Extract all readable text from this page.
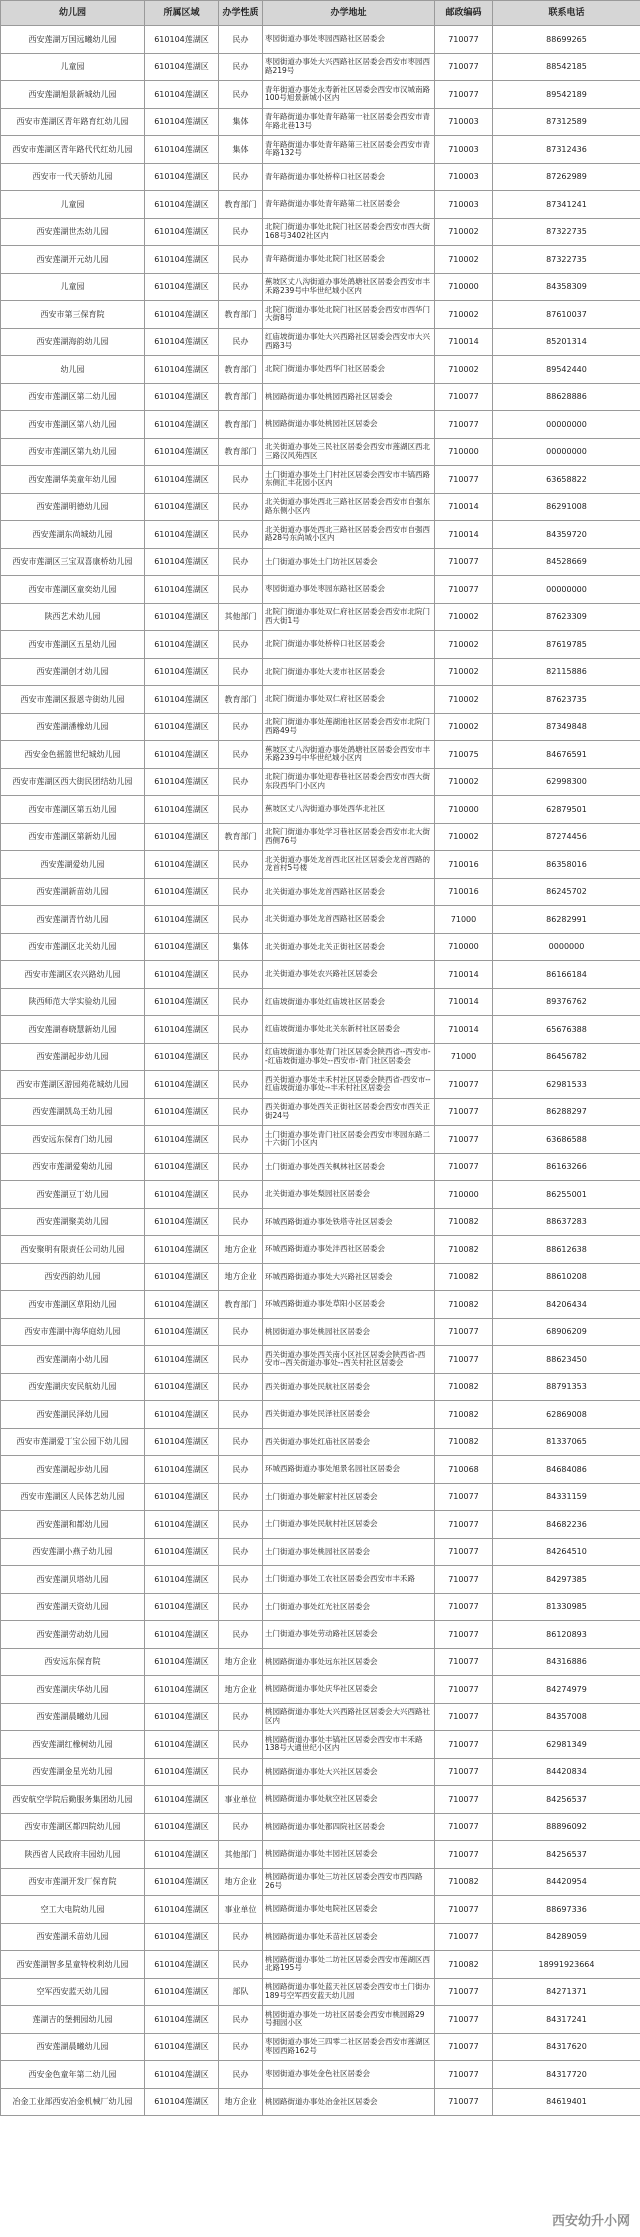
幼儿园	所属区域	办学性质	办学地址	邮政编码	联系电话
西安莲湖万国远曦幼儿园	610104莲湖区	民办	枣园街道办事处枣园西路社区居委会	710077	88699265
儿童园	610104莲湖区	民办	枣园街道办事处大兴西路社区居委会西安市枣园西路219号	710077	88542185
西安莲湖旭景新城幼儿园	610104莲湖区	民办	青年街道办事处永寿新社区居委会西安市汉城南路100号旭景新城小区内	710077	89542189
西安市莲湖区青年路育红幼儿园	610104莲湖区	集体	青年路街道办事处青年路第一社区居委会西安市青年路北巷13号	710003	87312589
西安市莲湖区青年路代代红幼儿园	610104莲湖区	集体	青年路街道办事处青年路第三社区居委会西安市青年路132号	710003	87312436
西安市一代天骄幼儿园	610104莲湖区	民办	青年路街道办事处桥梓口社区居委会	710003	87262989
儿童园	610104莲湖区	教育部门	青年路街道办事处青年路第二社区居委会	710003	87341241
西安莲湖世杰幼儿园	610104莲湖区	民办	北院门街道办事处北院门社区居委会西安市西大街168号3402社区内	710002	87322735
西安莲湖开元幼儿园	610104莲湖区	民办	青年路街道办事处北院门社区居委会	710002	87322735
儿童园	610104莲湖区	民办	蕉坡区丈八沟街道办事处鸽塘社区居委会西安市丰禾路239号中华世纪城小区内	710000	84358309
西安市第三保育院	610104莲湖区	教育部门	北院门街道办事处北院门社区居委会西安市西华门大街8号	710002	87610037
西安莲湖海韵幼儿园	610104莲湖区	民办	红庙坡街道办事处大兴西路社区居委会西安市大兴西路3号	710014	85201314
幼儿园	610104莲湖区	教育部门	北院门街道办事处西华门社区居委会	710002	89542440
西安市莲湖区第二幼儿园	610104莲湖区	教育部门	桃园路街道办事处桃园西路社区居委会	710077	88628886
西安市莲湖区第八幼儿园	610104莲湖区	教育部门	桃园路街道办事处桃园社区居委会	710077	00000000
西安市莲湖区第九幼儿园	610104莲湖区	教育部门	北关街道办事处三民社区居委会西安市莲湖区西北三路汉风苑西区	710000	00000000
西安莲湖华美童年幼儿园	610104莲湖区	民办	土门街道办事处土门村社区居委会西安市丰镐西路东侧汇丰花园小区内	710077	63658822
西安莲湖明德幼儿园	610104莲湖区	民办	北关街道办事处西北三路社区居委会西安市自强东路东侧小区内	710014	86291008
西安莲湖东尚城幼儿园	610104莲湖区	民办	北关街道办事处西北三路社区居委会西安市自强西路28号东尚城小区内	710014	84359720
西安市莲湖区三宝双喜康桥幼儿园	610104莲湖区	民办	土门街道办事处土门坊社区居委会	710077	84528669
西安市莲湖区童奕幼儿园	610104莲湖区	民办	枣园街道办事处枣园东路社区居委会	710077	00000000
陕西艺术幼儿园	610104莲湖区	其他部门	北院门街道办事处双仁府社区居委会西安市北院门西大街1号	710002	87623309
西安市莲湖区五星幼儿园	610104莲湖区	民办	北院门街道办事处桥梓口社区居委会	710002	87619785
西安莲湖创才幼儿园	610104莲湖区	民办	北院门街道办事处大麦市社区居委会	710002	82115886
西安市莲湖区报恩寺街幼儿园	610104莲湖区	教育部门	北院门街道办事处双仁府社区居委会	710002	87623735
西安莲湖潘橡幼儿园	610104莲湖区	民办	北院门街道办事处莲湖池社区居委会西安市北院门西路49号	710002	87349848
西安金色摇篮世纪城幼儿园	610104莲湖区	民办	蕉坡区丈八沟街道办事处鸽塘社区居委会西安市丰禾路239号中华世纪城小区内	710075	84676591
西安市莲湖区西大街民团结幼儿园	610104莲湖区	民办	北院门街道办事处迎春巷社区居委会西安市西大街东段西华门小区内	710002	62998300
西安市莲湖区第五幼儿园	610104莲湖区	民办	蕉坡区丈八沟街道办事处西华北社区	710000	62879501
西安市莲湖区第新幼儿园	610104莲湖区	教育部门	北院门街道办事处学习巷社区居委会西安市北大街西侧76号	710002	87274456
西安莲湖爱幼儿园	610104莲湖区	民办	北关街道办事处龙首西北区社区居委会龙首西路的龙首村5号楼	710016	86358016
西安莲湖新苗幼儿园	610104莲湖区	民办	北关街道办事处龙首西路社区居委会	710016	86245702
西安莲湖青竹幼儿园	610104莲湖区	民办	北关街道办事处龙首西路社区居委会	71000	86282991
西安市莲湖区北关幼儿园	610104莲湖区	集体	北关街道办事处北关正街社区居委会	710000	0000000
西安市莲湖区农兴路幼儿园	610104莲湖区	民办	北关街道办事处农兴路社区居委会	710014	86166184
陕西师范大学实验幼儿园	610104莲湖区	民办	红庙坡街道办事处红庙坡社区居委会	710014	89376762
西安莲湖春晓慧新幼儿园	610104莲湖区	民办	红庙坡街道办事处北关东新村社区居委会	710014	65676388
西安莲湖起步幼儿园	610104莲湖区	民办	红庙坡街道办事处青门社区居委会陕西省--西安市--红庙坡街道办事处--西安市-青门社区居委会	71000	86456782
西安市莲湖区游园苑花城幼儿园	610104莲湖区	民办	西关街道办事处丰禾村社区居委会陕西省-西安市--红庙坡街道办事处--丰禾村社区居委会	710077	62981533
西安莲湖凯岛王幼儿园	610104莲湖区	民办	西关街道办事处西关正街社区居委会西安市西关正街24号	710077	86288297
西安远东保育门幼儿园	610104莲湖区	民办	土门街道办事处青门社区居委会西安市枣园东路二十六街门小区内	710077	63686588
西安市莲湖爱菊幼儿园	610104莲湖区	民办	土门街道办事处西关枫林社区居委会	710077	86163266
西安莲湖豆丁幼儿园	610104莲湖区	民办	北关街道办事处梨园社区居委会	710000	86255001
西安莲湖聚美幼儿园	610104莲湖区	民办	环城西路街道办事处铁塔寺社区居委会	710082	88637283
西安聚明有限责任公司幼儿园	610104莲湖区	地方企业	环城西路街道办事处沣西社区居委会	710082	88612638
西安西韵幼儿园	610104莲湖区	地方企业	环城西路街道办事处大兴路社区居委会	710082	88610208
西安市莲湖区草阳幼儿园	610104莲湖区	教育部门	环城西路街道办事处草阳小区居委会	710082	84206434
西安市莲湖中海华庭幼儿园	610104莲湖区	民办	桃园街道办事处桃园社区居委会	710077	68906209
西安莲湖南小幼儿园	610104莲湖区	民办	西关街道办事处西关南小区社区居委会陕西省-西安市--西关街道办事处--西关村社区居委会	710077	88623450
西安莲湖庆安民航幼儿园	610104莲湖区	民办	西关街道办事处民航社区居委会	710082	88791353
西安莲湖民泽幼儿园	610104莲湖区	民办	西关街道办事处民泽社区居委会	710082	62869008
西安市莲湖爱丁宝公园下幼儿园	610104莲湖区	民办	西关街道办事处红庙社区居委会	710082	81337065
西安莲湖起步幼儿园	610104莲湖区	民办	环城西路街道办事处旭景名园社区居委会	710068	84684086
西安市莲湖区人民体艺幼儿园	610104莲湖区	民办	土门街道办事处解家村社区居委会	710077	84331159
西安莲湖和都幼儿园	610104莲湖区	民办	土门街道办事处民航村社区居委会	710077	84682236
西安莲湖小燕子幼儿园	610104莲湖区	民办	土门街道办事处桃园社区居委会	710077	84264510
西安莲湖贝塔幼儿园	610104莲湖区	民办	土门街道办事处工农社区居委会西安市丰禾路	710077	84297385
西安莲湖天资幼儿园	610104莲湖区	民办	土门街道办事处红光社区居委会	710077	81330985
西安莲湖劳动幼儿园	610104莲湖区	民办	土门街道办事处劳动路社区居委会	710077	86120893
西安远东保育院	610104莲湖区	地方企业	桃园路街道办事处远东社区居委会	710077	84316886
西安莲湖庆华幼儿园	610104莲湖区	地方企业	桃园路街道办事处庆华社区居委会	710077	84274979
西安莲湖晨曦幼儿园	610104莲湖区	民办	桃园路街道办事处大兴西路社区居委会大兴西路社区内	710077	84357008
西安莲湖红橡树幼儿园	610104莲湖区	民办	桃园路街道办事处丰镐社区居委会西安市丰禾路138号大通世纪小区内	710077	62981349
西安莲湖金星光幼儿园	610104莲湖区	民办	桃园路街道办事处大兴社区居委会	710077	84420834
西安航空学院后勤服务集团幼儿园	610104莲湖区	事业单位	桃园路街道办事处航空社区居委会	710077	84256537
西安市莲湖区都四院幼儿园	610104莲湖区	民办	桃园路街道办事处都四院社区居委会	710077	88896092
陕西省人民政府丰园幼儿园	610104莲湖区	其他部门	桃园路街道办事处丰园社区居委会	710077	84256537
西安市莲湖开发厂保育院	610104莲湖区	地方企业	桃园路街道办事处三坊社区居委会西安市西四路26号	710082	84420954
空工大电院幼儿园	610104莲湖区	事业单位	桃园路街道办事处电院社区居委会	710077	88697336
西安莲湖禾苗幼儿园	610104莲湖区	民办	桃园路街道办事处禾苗社区居委会	710077	84289059
西安莲湖智多星童特校利幼儿园	610104莲湖区	民办	桃园路街道办事处二坊社区居委会西安市莲湖区西北路195号	710082	18991923664
空军西安蓝天幼儿园	610104莲湖区	部队	桃园路街道办事处蓝天社区居委会西安市土门街办189号空军西安蓝天幼儿园	710077	84271371
莲湖吉的堡拥园幼儿园	610104莲湖区	民办	桃园街道办事处一坊社区居委会西安市桃园路29号拥园小区	710077	84317241
西安莲湖晨曦幼儿园	610104莲湖区	民办	枣园街道办事处三四零二社区居委会西安市莲湖区枣园西路162号	710077	84317620
西安金色童年第二幼儿园	610104莲湖区	民办	枣园街道办事处金色社区居委会	710077	84317720
冶金工业部西安冶金机械厂幼儿园	610104莲湖区	地方企业	桃园路街道办事处冶金社区居委会	710077	84619401
西安幼升小网
